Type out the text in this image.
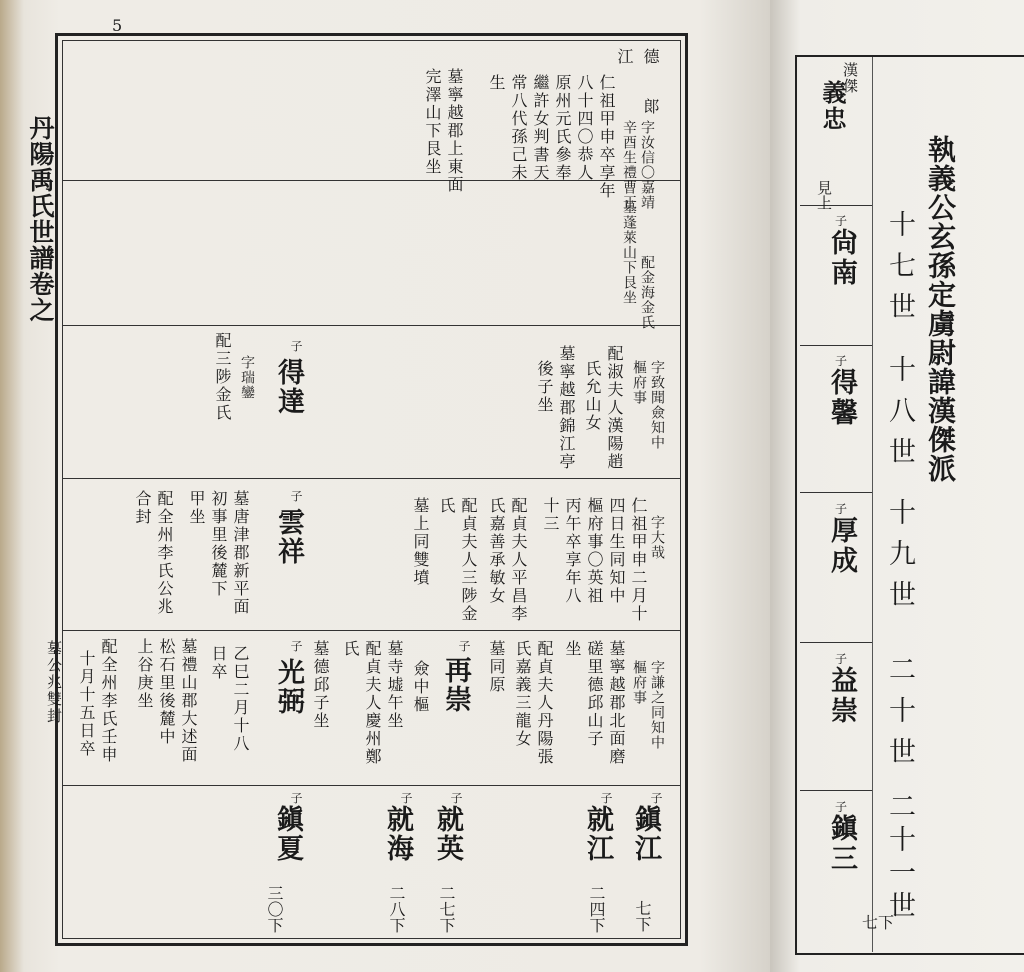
5
丹陽禹氏世譜卷之
德
郞
江
字汝信〇嘉靖
辛酉生禮曹正
仁祖甲申卒享年
八十四〇恭人
原州元氏參奉
繼許女判書天
常八代孫己未
生
配金海金氏
墓蓬萊山下艮坐
墓寧越郡上東面
完澤山下艮坐
字致聞僉知中
樞府事
配淑夫人漢陽趙
氏允山女
墓寧越郡錦江亭
後子坐
子
得達
字瑞鑾
配三陟金氏
字大哉
仁祖甲申二月十
四日生同知中
樞府事〇英祖
丙午卒享年八
十三
配貞夫人平昌李
氏嘉善承敏女
配貞夫人三陟金
氏
墓上同雙墳
子
雲祥
墓唐津郡新平面
初事里後麓下
甲坐
配全州李氏公兆
合封
字謙之同知中
樞府事
墓寧越郡北面磨
磋里德邱山子
坐
配貞夫人丹陽張
氏嘉義三龍女
墓同原
子
再崇
僉中樞
墓寺墟午坐
配貞夫人慶州鄭
氏
墓德邱子坐
子
光弼
乙巳二月十八
日卒
墓禮山郡大述面
松石里後麓中
上谷庚坐
配全州李氏壬申
十月十五日卒
墓公兆雙封
子
鎭江
七下
子
就江
二四下
子
就英
二七下
子
就海
二八下
子
鎭夏
三〇下
漢傑
義忠
見上	執義公玄孫定虜尉諱漢傑派
十七世
十八世
十九世
二十世
二十一世
子
尙南
子
得馨
子
厚成
子
益崇
子
鎭三
七下
